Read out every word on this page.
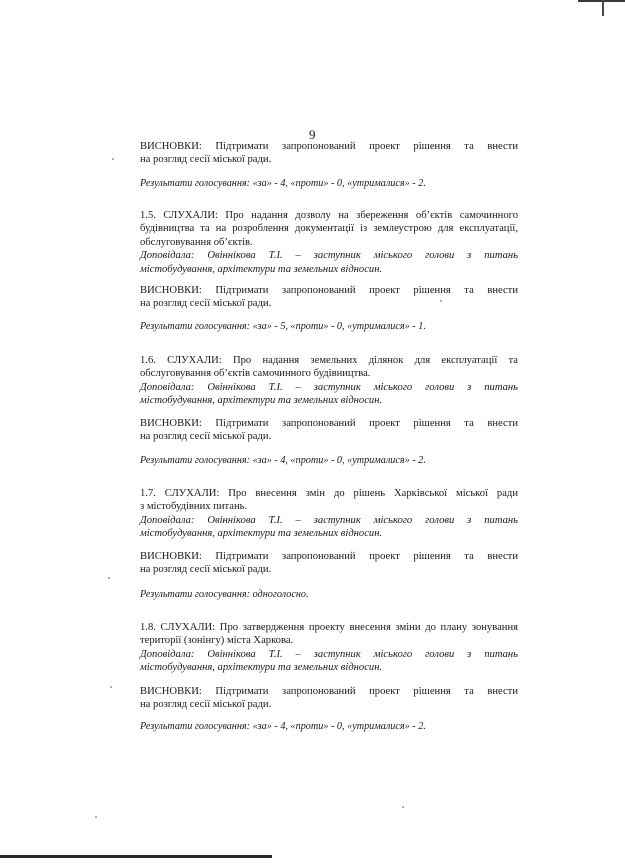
9
ВИСНОВКИ: Підтримати запропонований проект рішення та внести
на розгляд сесії міської ради.
Результати голосування: «за» - 4, «проти» - 0, «утрималися» - 2.
1.5. СЛУХАЛИ: Про надання дозволу на збереження об’єктів самочинного
будівництва та на розроблення документації із землеустрою для експлуатації,
обслуговування об’єктів.
Доповідала: Овіннікова Т.І. – заступник міського голови з питань
містобудування, архітектури та земельних відносин.
ВИСНОВКИ: Підтримати запропонований проект рішення та внести
на розгляд сесії міської ради.
Результати голосування: «за» - 5, «проти» - 0, «утрималися» - 1.
1.6. СЛУХАЛИ: Про надання земельних ділянок для експлуатації та
обслуговування об’єктів самочинного будівництва.
Доповідала: Овіннікова Т.І. – заступник міського голови з питань
містобудування, архітектури та земельних відносин.
ВИСНОВКИ: Підтримати запропонований проект рішення та внести
на розгляд сесії міської ради.
Результати голосування: «за» - 4, «проти» - 0, «утрималися» - 2.
1.7. СЛУХАЛИ: Про внесення змін до рішень Харківської міської ради
з містобудівних питань.
Доповідала: Овіннікова Т.І. – заступник міського голови з питань
містобудування, архітектури та земельних відносин.
ВИСНОВКИ: Підтримати запропонований проект рішення та внести
на розгляд сесії міської ради.
Результати голосування: одноголосно.
1.8. СЛУХАЛИ: Про затвердження проекту внесення зміни до плану зонування
території (зонінгу) міста Харкова.
Доповідала: Овіннікова Т.І. – заступник міського голови з питань
містобудування, архітектури та земельних відносин.
ВИСНОВКИ: Підтримати запропонований проект рішення та внести
на розгляд сесії міської ради.
Результати голосування: «за» - 4, «проти» - 0, «утрималися» - 2.
